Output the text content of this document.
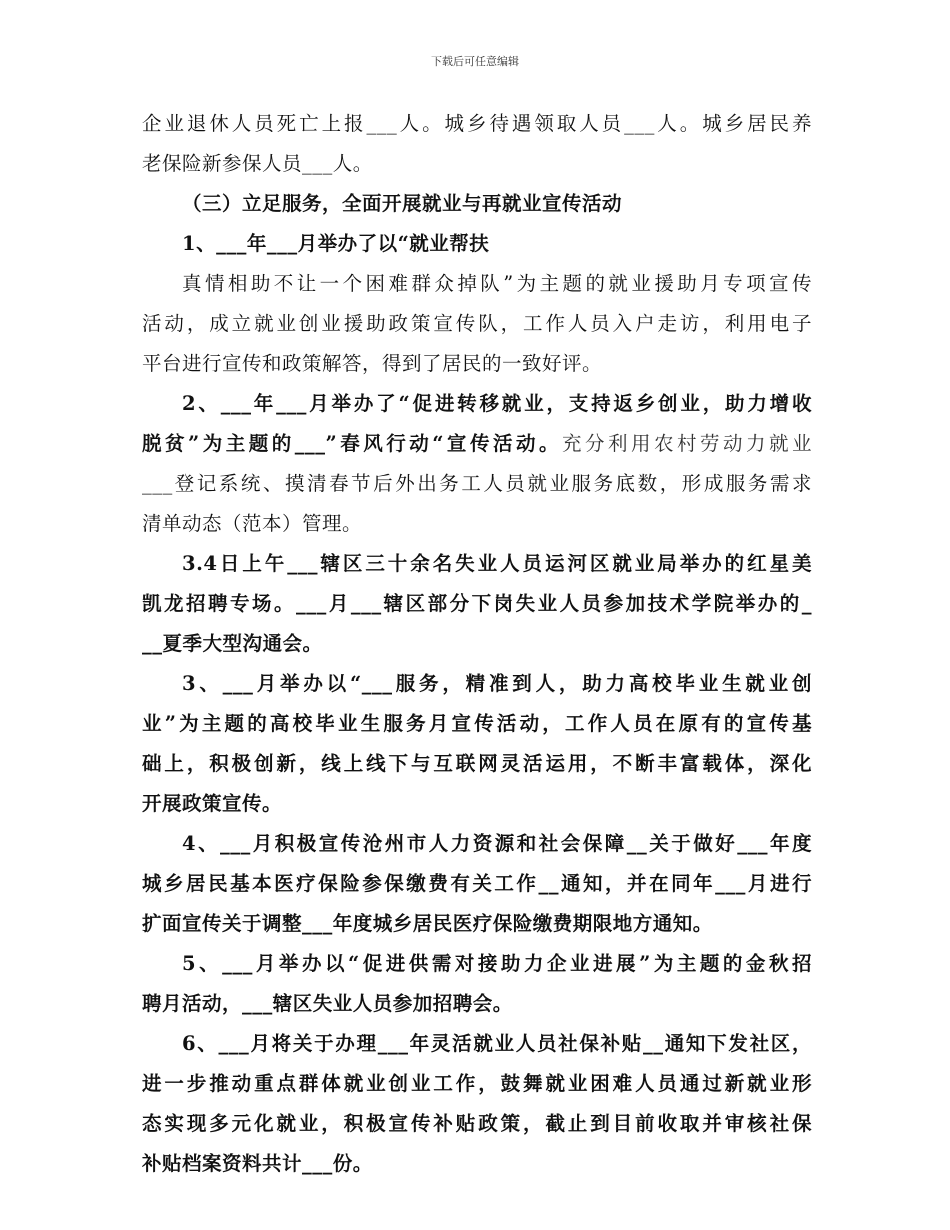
下载后可任意编辑
企业退休人员死亡上报___人。城乡待遇领取人员___人。城乡居民养
老保险新参保人员___人。
（三）立足服务，全面开展就业与再就业宣传活动
1、___年___月举办了以“就业帮扶
真情相助不让一个困难群众掉队”为主题的就业援助月专项宣传
活动，成立就业创业援助政策宣传队，工作人员入户走访，利用电子
平台进行宣传和政策解答，得到了居民的一致好评。
2、___年___月举办了“促进转移就业，支持返乡创业，助力增收
脱贫”为主题的___”春风行动“宣传活动。充分利用农村劳动力就业
___登记系统、摸清春节后外出务工人员就业服务底数，形成服务需求
清单动态（范本）管理。
3.4日上午___辖区三十余名失业人员运河区就业局举办的红星美
凯龙招聘专场。___月___辖区部分下岗失业人员参加技术学院举办的_
__夏季大型沟通会。
3、___月举办以“___服务，精准到人，助力高校毕业生就业创
业”为主题的高校毕业生服务月宣传活动，工作人员在原有的宣传基
础上，积极创新，线上线下与互联网灵活运用，不断丰富载体，深化
开展政策宣传。
4、___月积极宣传沧州市人力资源和社会保障__关于做好___年度
城乡居民基本医疗保险参保缴费有关工作__通知，并在同年___月进行
扩面宣传关于调整___年度城乡居民医疗保险缴费期限地方通知。
5、___月举办以“促进供需对接助力企业进展”为主题的金秋招
聘月活动，___辖区失业人员参加招聘会。
6、___月将关于办理___年灵活就业人员社保补贴__通知下发社区，
进一步推动重点群体就业创业工作，鼓舞就业困难人员通过新就业形
态实现多元化就业，积极宣传补贴政策，截止到目前收取并审核社保
补贴档案资料共计___份。
